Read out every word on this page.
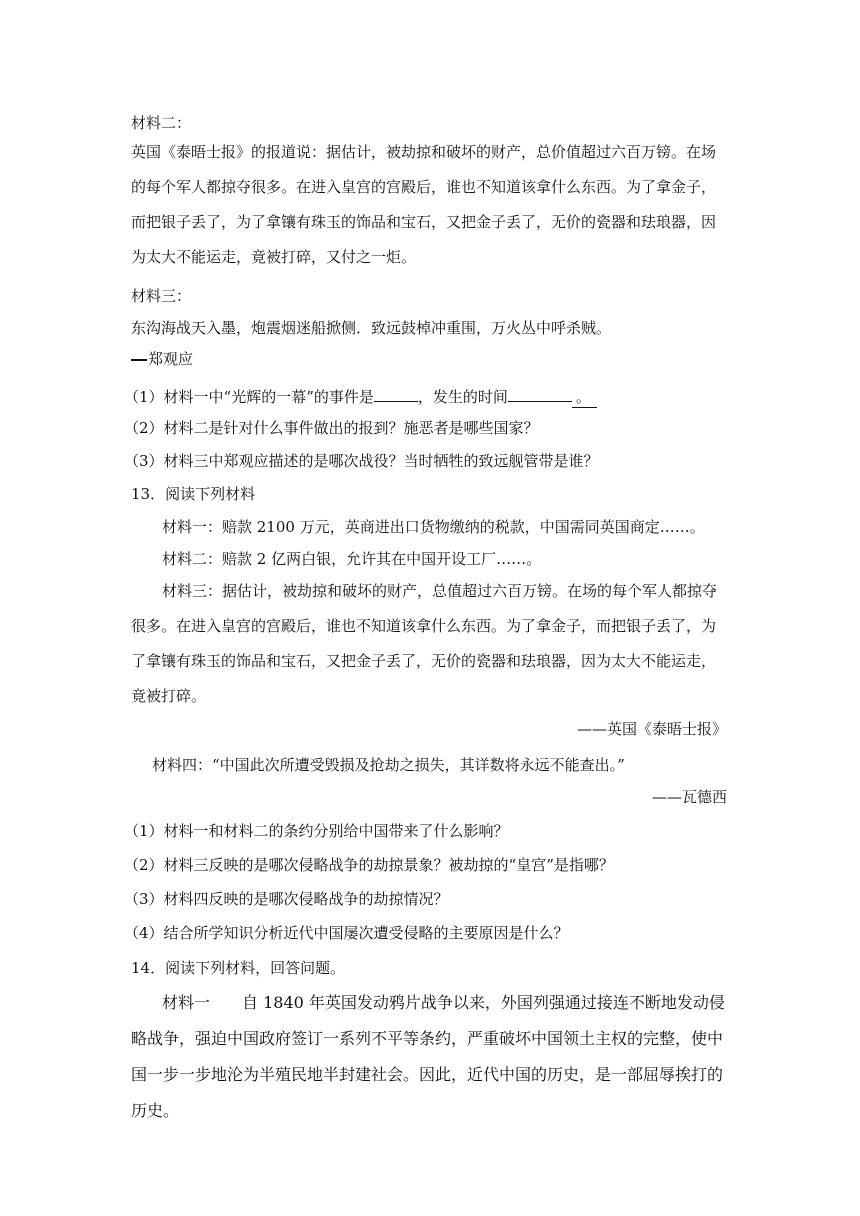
材料二：
英国《泰晤士报》的报道说：据估计，被劫掠和破坏的财产，总价值超过六百万镑。在场的每个军人都掠夺很多。在进入皇宫的宫殿后，谁也不知道该拿什么东西。为了拿金子，而把银子丢了，为了拿镶有珠玉的饰品和宝石，又把金子丢了，无价的瓷器和珐琅器，因为太大不能运走，竟被打碎，又付之一炬。
材料三：
东沟海战天入墨，炮震烟迷船掀侧．致远鼓棹冲重围，万火丛中呼杀贼。
郑观应
（1）材料一中“光辉的一幕”的事件是	，发生的时间	。
（2）材料二是针对什么事件做出的报到？施恶者是哪些国家？
（3）材料三中郑观应描述的是哪次战役？当时牺牲的致远舰管带是谁？
13．阅读下列材料
材料一：赔款 2100 万元，英商进出口货物缴纳的税款，中国需同英国商定……。
材料二：赔款 2 亿两白银，允许其在中国开设工厂……。
材料三：据估计，被劫掠和破坏的财产，总值超过六百万镑。在场的每个军人都掠夺很多。在进入皇宫的宫殿后，谁也不知道该拿什么东西。为了拿金子，而把银子丢了，为了拿镶有珠玉的饰品和宝石，又把金子丢了，无价的瓷器和珐琅器，因为太大不能运走，竟被打碎。
——英国《泰晤士报》
材料四：“中国此次所遭受毁损及抢劫之损失，其详数将永远不能查出。”
——瓦德西
（1）材料一和材料二的条约分别给中国带来了什么影响？
（2）材料三反映的是哪次侵略战争的劫掠景象？被劫掠的“皇宫”是指哪？
（3）材料四反映的是哪次侵略战争的劫掠情况？
（4）结合所学知识分析近代中国屡次遭受侵略的主要原因是什么？
14．阅读下列材料，回答问题。
材料一　　自 1840 年英国发动鸦片战争以来，外国列强通过接连不断地发动侵略战争，强迫中国政府签订一系列不平等条约，严重破坏中国领土主权的完整，使中国一步一步地沦为半殖民地半封建社会。因此，近代中国的历史，是一部屈辱挨打的历史。
